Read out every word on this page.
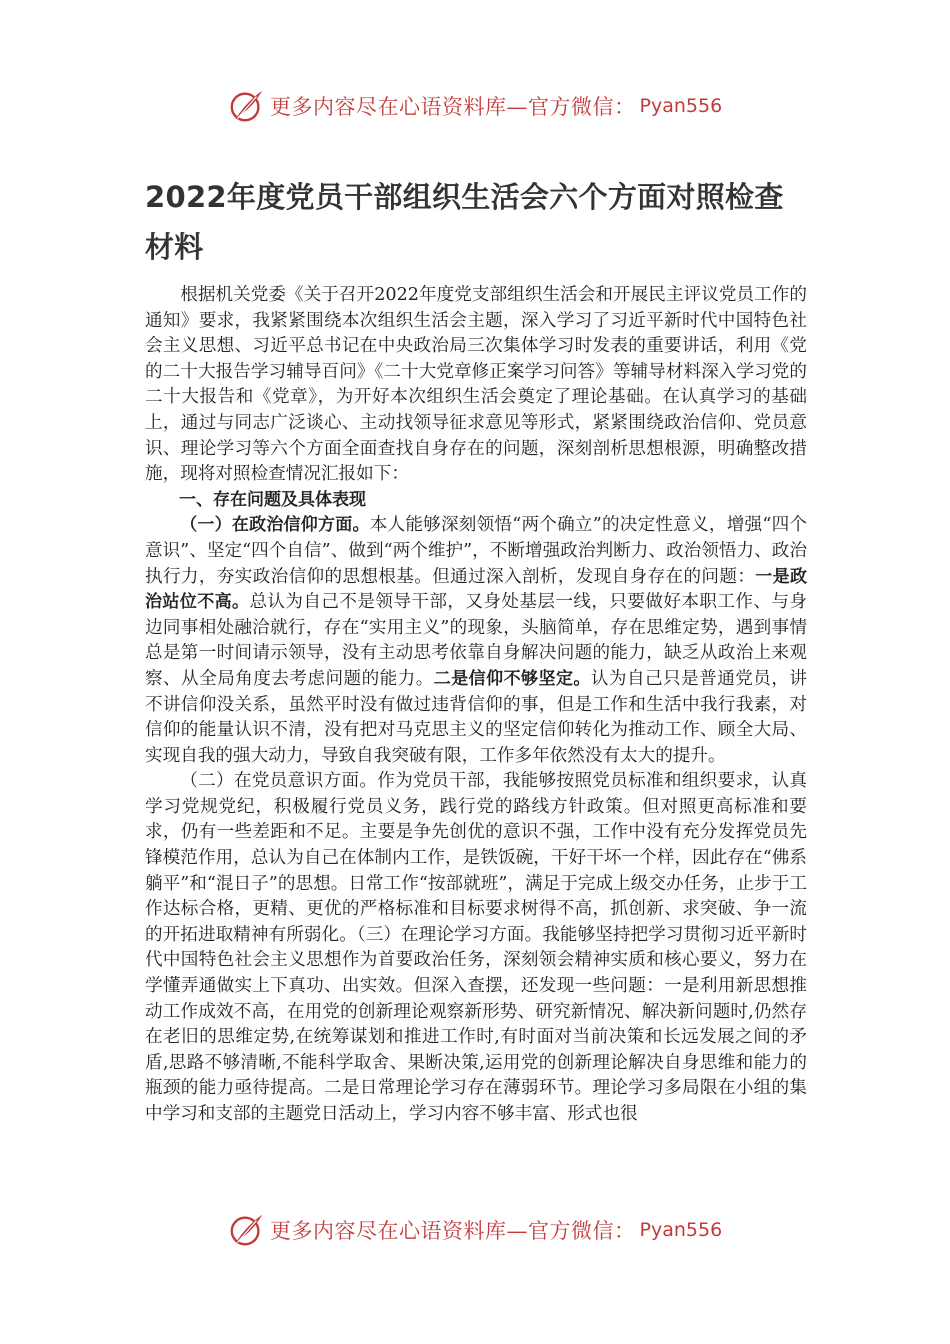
更多内容尽在心语资料库—官方微信： Pyan556
2022年度党员干部组织生活会六个方面对照检查材料

根据机关党委《关于召开2022年度党支部组织生活会和开展民主评议党员工作的通知》要求，我紧紧围绕本次组织生活会主题，深入学习了习近平新时代中国特色社会主义思想、习近平总书记在中央政治局三次集体学习时发表的重要讲话，利用《党的二十大报告学习辅导百问》《二十大党章修正案学习问答》等辅导材料深入学习党的二十大报告和《党章》，为开好本次组织生活会奠定了理论基础。在认真学习的基础上，通过与同志广泛谈心、主动找领导征求意见等形式，紧紧围绕政治信仰、党员意识、理论学习等六个方面全面查找自身存在的问题，深刻剖析思想根源，明确整改措施，现将对照检查情况汇报如下：

一、存在问题及具体表现

（一）在政治信仰方面。本人能够深刻领悟“两个确立”的决定性意义，增强“四个意识”、坚定“四个自信”、做到“两个维护”，不断增强政治判断力、政治领悟力、政治执行力，夯实政治信仰的思想根基。但通过深入剖析，发现自身存在的问题：一是政治站位不高。总认为自己不是领导干部，又身处基层一线，只要做好本职工作、与身边同事相处融洽就行，存在“实用主义”的现象，头脑简单，存在思维定势，遇到事情总是第一时间请示领导，没有主动思考依靠自身解决问题的能力，缺乏从政治上来观察、从全局角度去考虑问题的能力。二是信仰不够坚定。认为自己只是普通党员，讲不讲信仰没关系，虽然平时没有做过违背信仰的事，但是工作和生活中我行我素，对信仰的能量认识不清，没有把对马克思主义的坚定信仰转化为推动工作、顾全大局、实现自我的强大动力，导致自我突破有限，工作多年依然没有太大的提升。

（二）在党员意识方面。作为党员干部，我能够按照党员标准和组织要求，认真学习党规党纪，积极履行党员义务，践行党的路线方针政策。但对照更高标准和要求，仍有一些差距和不足。主要是争先创优的意识不强，工作中没有充分发挥党员先锋模范作用，总认为自己在体制内工作，是铁饭碗，干好干坏一个样，因此存在“佛系躺平”和“混日子”的思想。日常工作“按部就班”，满足于完成上级交办任务，止步于工作达标合格，更精、更优的严格标准和目标要求树得不高，抓创新、求突破、争一流的开拓进取精神有所弱化。（三）在理论学习方面。我能够坚持把学习贯彻习近平新时代中国特色社会主义思想作为首要政治任务，深刻领会精神实质和核心要义，努力在学懂弄通做实上下真功、出实效。但深入查摆，还发现一些问题：一是利用新思想推动工作成效不高，在用党的创新理论观察新形势、研究新情况、解决新问题时,仍然存在老旧的思维定势,在统筹谋划和推进工作时,有时面对当前决策和长远发展之间的矛盾,思路不够清晰,不能科学取舍、果断决策,运用党的创新理论解决自身思维和能力的瓶颈的能力亟待提高。二是日常理论学习存在薄弱环节。理论学习多局限在小组的集中学习和支部的主题党日活动上，学习内容不够丰富、形式也很

更多内容尽在心语资料库—官方微信： Pyan556
